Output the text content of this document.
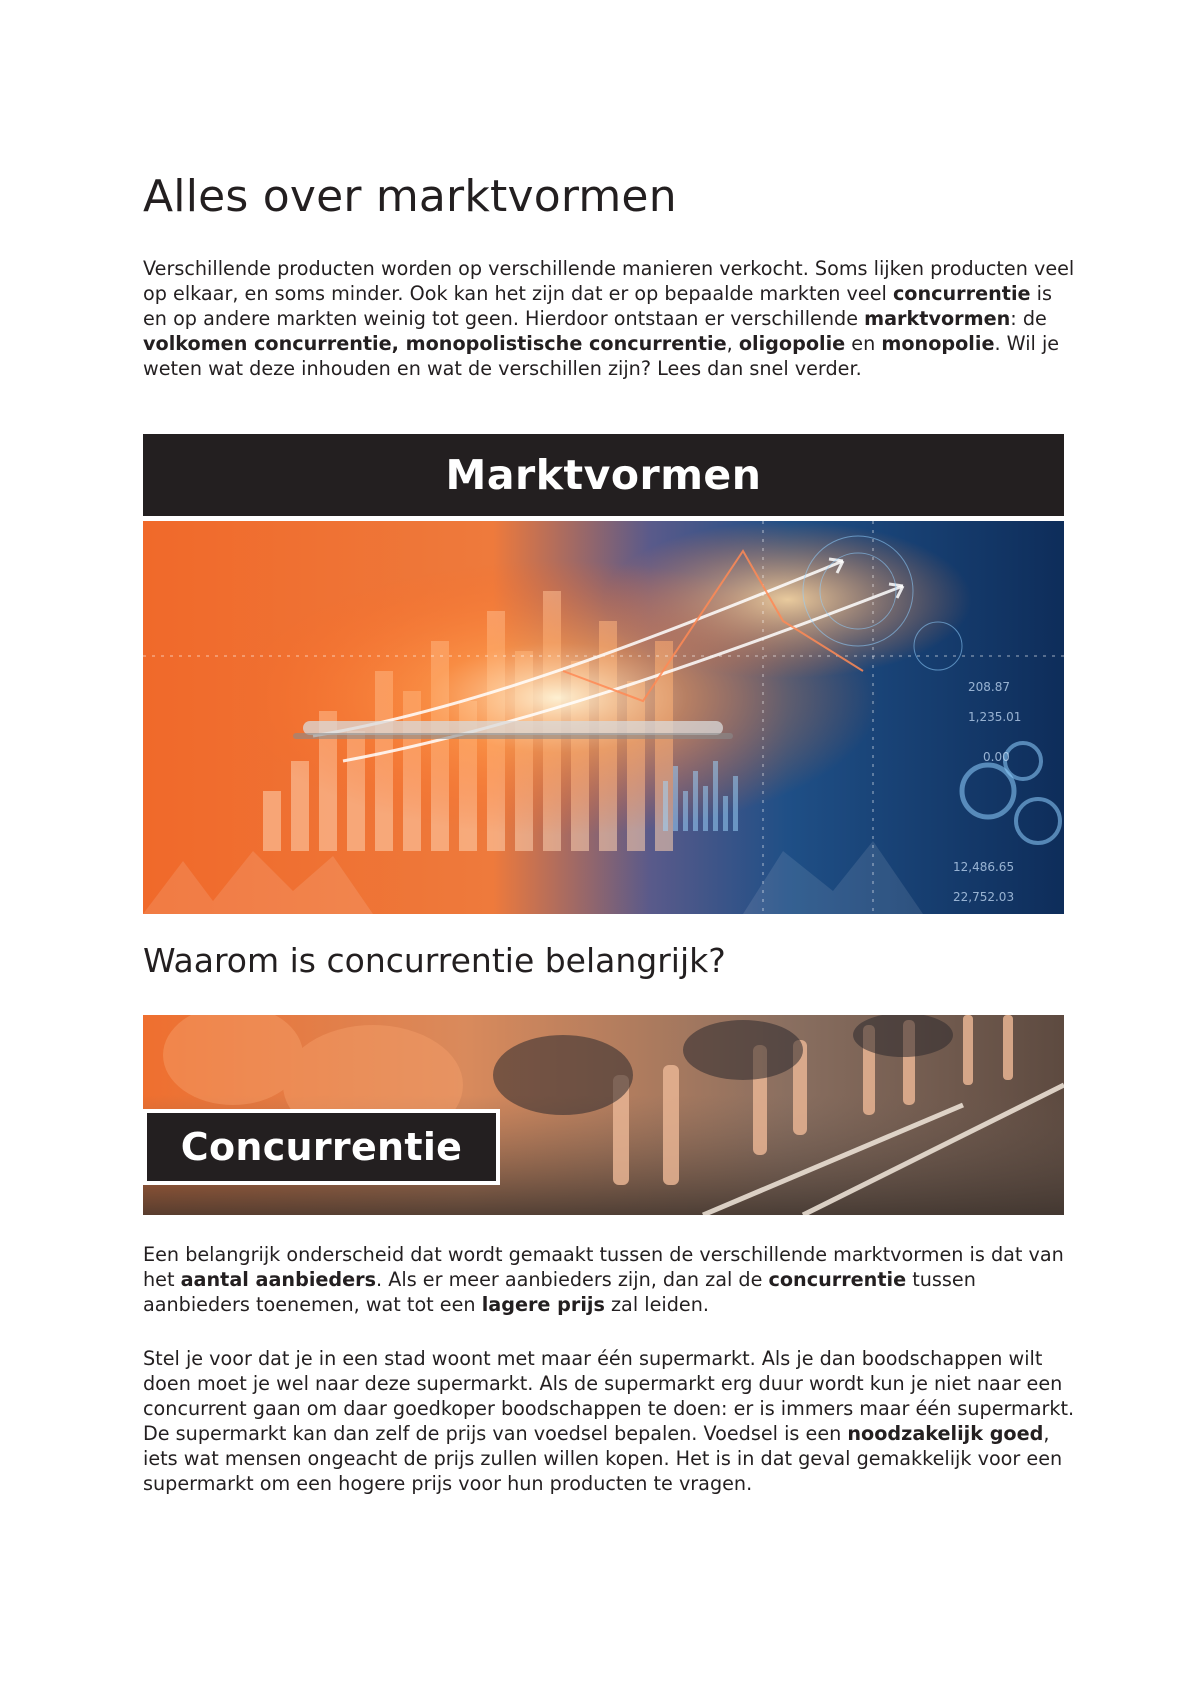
Alles over marktvormen

Verschillende producten worden op verschillende manieren verkocht. Soms lijken producten veel op elkaar, en soms minder. Ook kan het zijn dat er op bepaalde markten veel concurrentie is en op andere markten weinig tot geen. Hierdoor ontstaan er verschillende marktvormen: de volkomen concurrentie, monopolistische concurrentie, oligopolie en monopolie. Wil je weten wat deze inhouden en wat de verschillen zijn? Lees dan snel verder.

Marktvormen
208.87
1,235.01
0.00
22,752.03
12,486.65
Waarom is concurrentie belangrijk?
Concurrentie

Een belangrijk onderscheid dat wordt gemaakt tussen de verschillende marktvormen is dat van het aantal aanbieders. Als er meer aanbieders zijn, dan zal de concurrentie tussen aanbieders toenemen, wat tot een lagere prijs zal leiden.

Stel je voor dat je in een stad woont met maar één supermarkt. Als je dan boodschappen wilt doen moet je wel naar deze supermarkt. Als de supermarkt erg duur wordt kun je niet naar een concurrent gaan om daar goedkoper boodschappen te doen: er is immers maar één supermarkt. De supermarkt kan dan zelf de prijs van voedsel bepalen. Voedsel is een noodzakelijk goed, iets wat mensen ongeacht de prijs zullen willen kopen. Het is in dat geval gemakkelijk voor een supermarkt om een hogere prijs voor hun producten te vragen.
